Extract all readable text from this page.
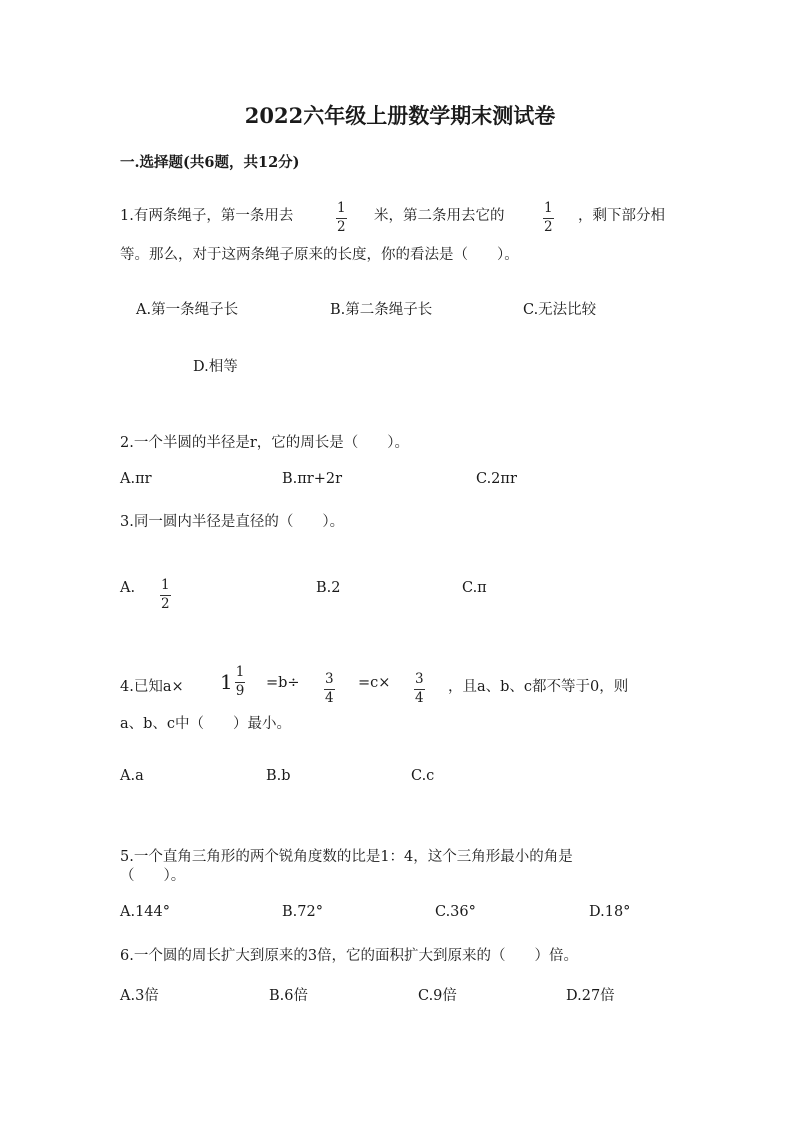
2022六年级上册数学期末测试卷
一.选择题(共6题，共12分)
1.有两条绳子，第一条用去	$\frac{1}{2}$ 米，第二条用去它的	$\frac{1}{2}$ ，剩下部分相
等。那么，对于这两条绳子原来的长度，你的看法是（　　）。
A.第一条绳子长	B.第二条绳子长	C.无法比较
D.相等
2.一个半圆的半径是r，它的周长是（　　）。
A.πr	B.πr+2r	C.2πr
3.同一圆内半径是直径的（　　）。
A. $\frac{1}{2}$	B.2	C.π
4.已知$a\times 1 \frac{1}{9} =b\div \frac{3}{4} =c\times \frac{3}{4}$ ，且a、b、c都不等于0，则
a、b、c中（　　）最小。
A.a	B.b	C.c
5.一个直角三角形的两个锐角度数的比是1：4，这个三角形最小的角是
（　　）。
A.144°	B.72°	C.36°	D.18°
6.一个圆的周长扩大到原来的3倍，它的面积扩大到原来的（　　）倍。
A.3倍	B.6倍	C.9倍	D.27倍
